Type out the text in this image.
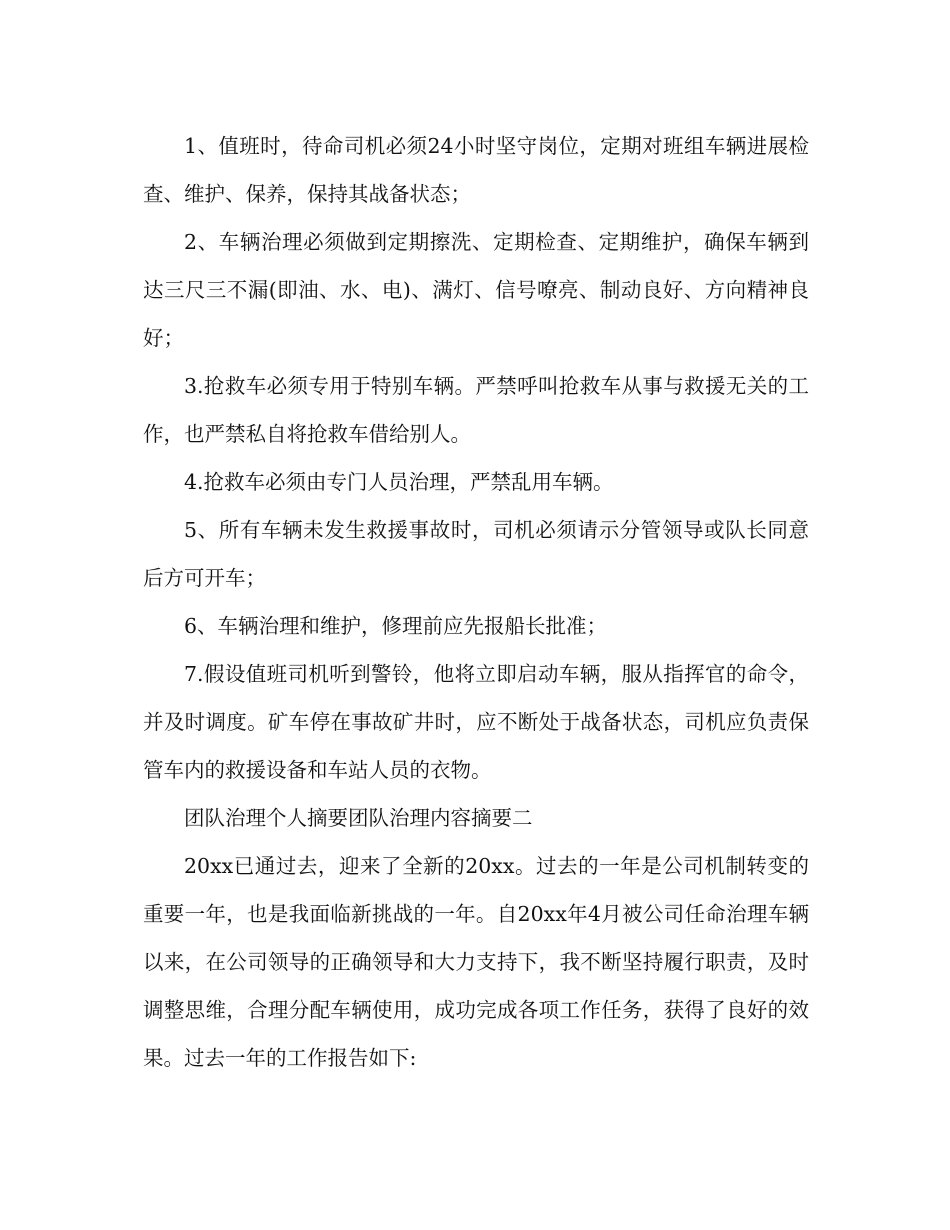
1、值班时，待命司机必须24小时坚守岗位，定期对班组车辆进展检查、维护、保养，保持其战备状态；

2、车辆治理必须做到定期擦洗、定期检查、定期维护，确保车辆到达三尺三不漏(即油、水、电)、满灯、信号嘹亮、制动良好、方向精神良好；

3.抢救车必须专用于特别车辆。严禁呼叫抢救车从事与救援无关的工作，也严禁私自将抢救车借给别人。

4.抢救车必须由专门人员治理，严禁乱用车辆。

5、所有车辆未发生救援事故时，司机必须请示分管领导或队长同意后方可开车；

6、车辆治理和维护，修理前应先报船长批准；

7.假设值班司机听到警铃，他将立即启动车辆，服从指挥官的命令，并及时调度。矿车停在事故矿井时，应不断处于战备状态，司机应负责保管车内的救援设备和车站人员的衣物。

团队治理个人摘要团队治理内容摘要二

20xx已通过去，迎来了全新的20xx。过去的一年是公司机制转变的重要一年，也是我面临新挑战的一年。自20xx年4月被公司任命治理车辆以来，在公司领导的正确领导和大力支持下，我不断坚持履行职责，及时调整思维，合理分配车辆使用，成功完成各项工作任务，获得了良好的效果。过去一年的工作报告如下:
